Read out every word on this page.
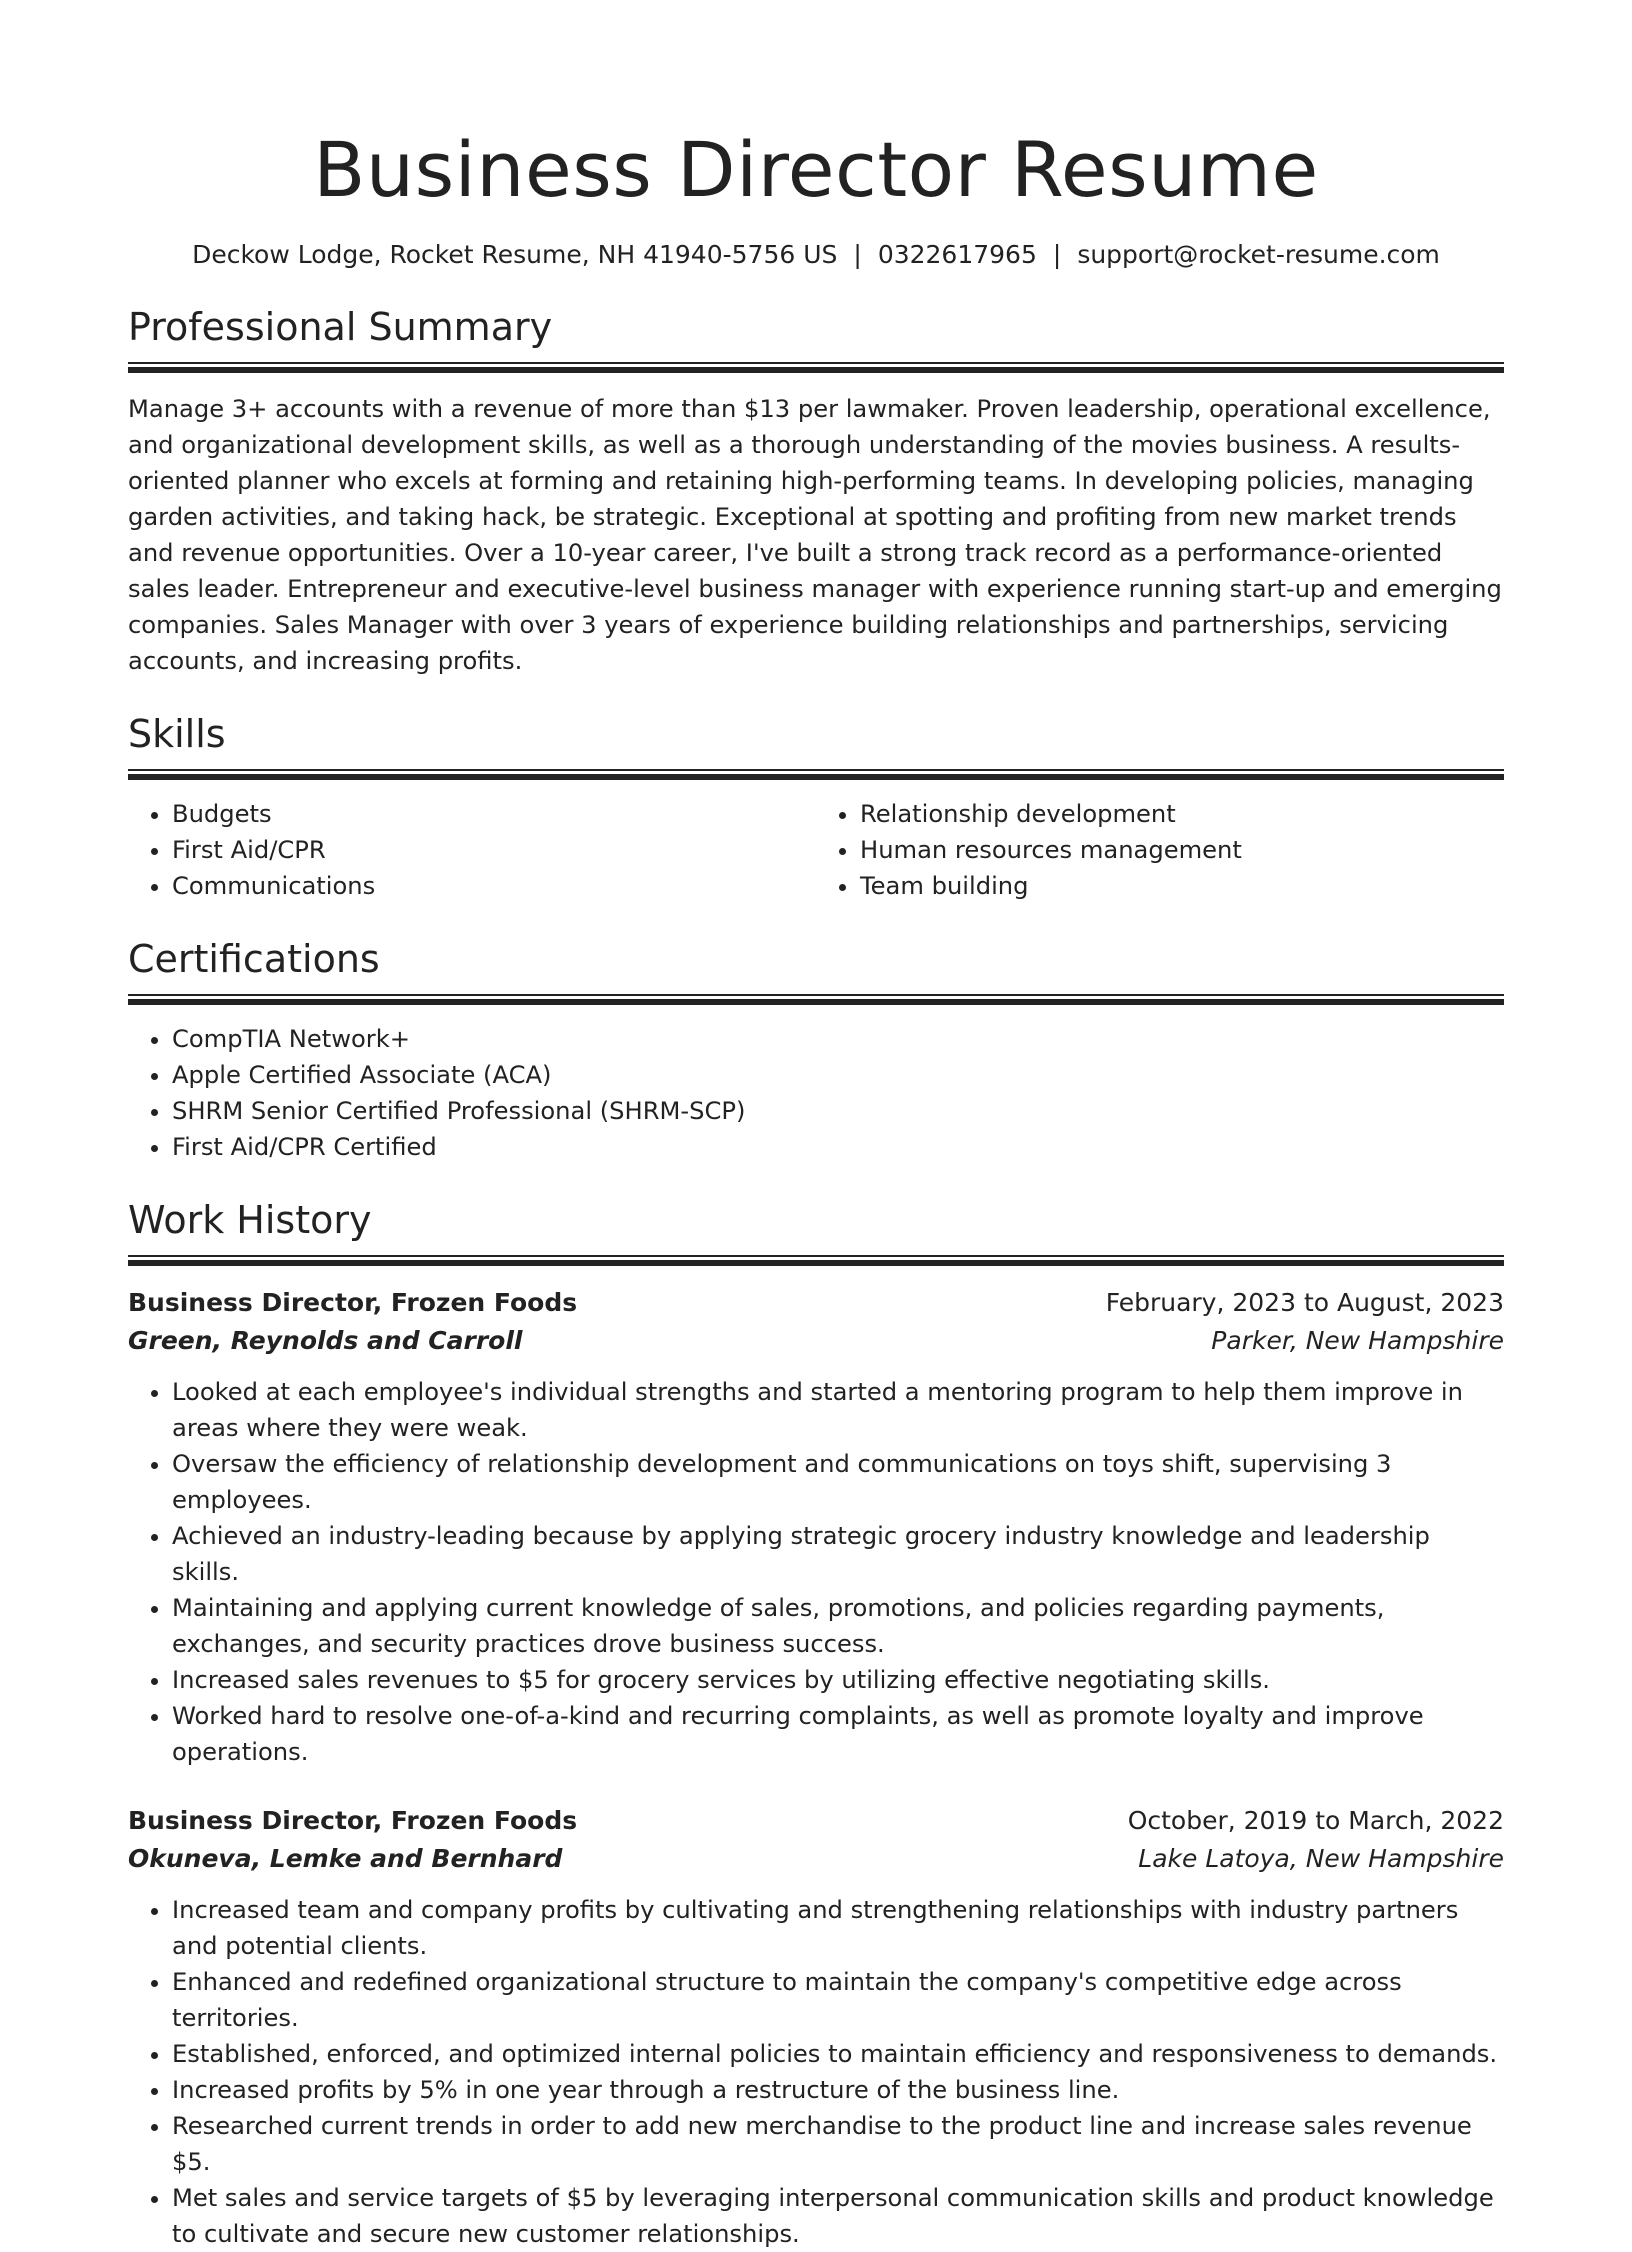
Business Director Resume
Deckow Lodge, Rocket Resume, NH 41940-5756 US | 0322617965 | support@rocket-resume.com
Professional Summary
Manage 3+ accounts with a revenue of more than $13 per lawmaker. Proven leadership, operational excellence, and organizational development skills, as well as a thorough understanding of the movies business. A results-oriented planner who excels at forming and retaining high-performing teams. In developing policies, managing garden activities, and taking hack, be strategic. Exceptional at spotting and profiting from new market trends and revenue opportunities. Over a 10-year career, I've built a strong track record as a performance-oriented sales leader. Entrepreneur and executive-level business manager with experience running start-up and emerging companies. Sales Manager with over 3 years of experience building relationships and partnerships, servicing accounts, and increasing profits.
Skills
• Budgets
• First Aid/CPR
• Communications
• Relationship development
• Human resources management
• Team building
Certifications
• CompTIA Network+
• Apple Certified Associate (ACA)
• SHRM Senior Certified Professional (SHRM-SCP)
• First Aid/CPR Certified
Work History
Business Director, Frozen Foods	February, 2023 to August, 2023
Green, Reynolds and Carroll	Parker, New Hampshire
• Looked at each employee's individual strengths and started a mentoring program to help them improve in areas where they were weak.
• Oversaw the efficiency of relationship development and communications on toys shift, supervising 3 employees.
• Achieved an industry-leading because by applying strategic grocery industry knowledge and leadership skills.
• Maintaining and applying current knowledge of sales, promotions, and policies regarding payments, exchanges, and security practices drove business success.
• Increased sales revenues to $5 for grocery services by utilizing effective negotiating skills.
• Worked hard to resolve one-of-a-kind and recurring complaints, as well as promote loyalty and improve operations.
Business Director, Frozen Foods	October, 2019 to March, 2022
Okuneva, Lemke and Bernhard	Lake Latoya, New Hampshire
• Increased team and company profits by cultivating and strengthening relationships with industry partners and potential clients.
• Enhanced and redefined organizational structure to maintain the company's competitive edge across territories.
• Established, enforced, and optimized internal policies to maintain efficiency and responsiveness to demands.
• Increased profits by 5% in one year through a restructure of the business line.
• Researched current trends in order to add new merchandise to the product line and increase sales revenue $5.
• Met sales and service targets of $5 by leveraging interpersonal communication skills and product knowledge to cultivate and secure new customer relationships.
